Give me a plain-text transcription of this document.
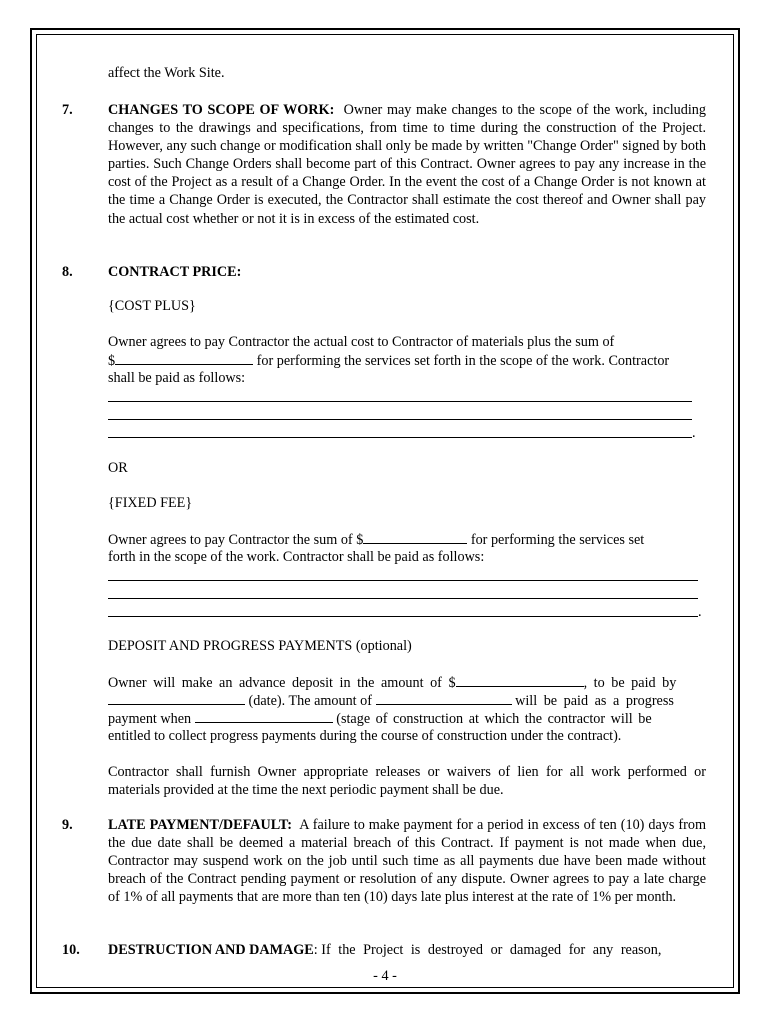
affect the Work Site.

7. CHANGES TO SCOPE OF WORK: Owner may make changes to the scope of the work, including changes to the drawings and specifications, from time to time during the construction of the Project. However, any such change or modification shall only be made by written "Change Order" signed by both parties. Such Change Orders shall become part of this Contract. Owner agrees to pay any increase in the cost of the Project as a result of a Change Order. In the event the cost of a Change Order is not known at the time a Change Order is executed, the Contractor shall estimate the cost thereof and Owner shall pay the actual cost whether or not it is in excess of the estimated cost.

8. CONTRACT PRICE:

{COST PLUS}

Owner agrees to pay Contractor the actual cost to Contractor of materials plus the sum of

$	for performing the services set forth in the scope of the work. Contractor

shall be paid as follows:

.

OR

{FIXED FEE}

Owner agrees to pay Contractor the sum of $	for performing the services set

forth in the scope of the work. Contractor shall be paid as follows:

.

DEPOSIT AND PROGRESS PAYMENTS (optional)

Owner will make an advance deposit in the amount of $	, to be paid by

(date). The amount of	will be paid as a progress

payment when	(stage of construction at which the contractor will be

entitled to collect progress payments during the course of construction under the contract).

Contractor shall furnish Owner appropriate releases or waivers of lien for all work performed or materials provided at the time the next periodic payment shall be due.

9. LATE PAYMENT/DEFAULT: A failure to make payment for a period in excess of ten (10) days from the due date shall be deemed a material breach of this Contract. If payment is not made when due, Contractor may suspend work on the job until such time as all payments due have been made without breach of the Contract pending payment or resolution of any dispute. Owner agrees to pay a late charge of 1% of all payments that are more than ten (10) days late plus interest at the rate of 1% per month.

10. DESTRUCTION AND DAMAGE: If the Project is destroyed or damaged for any reason,

- 4 -
